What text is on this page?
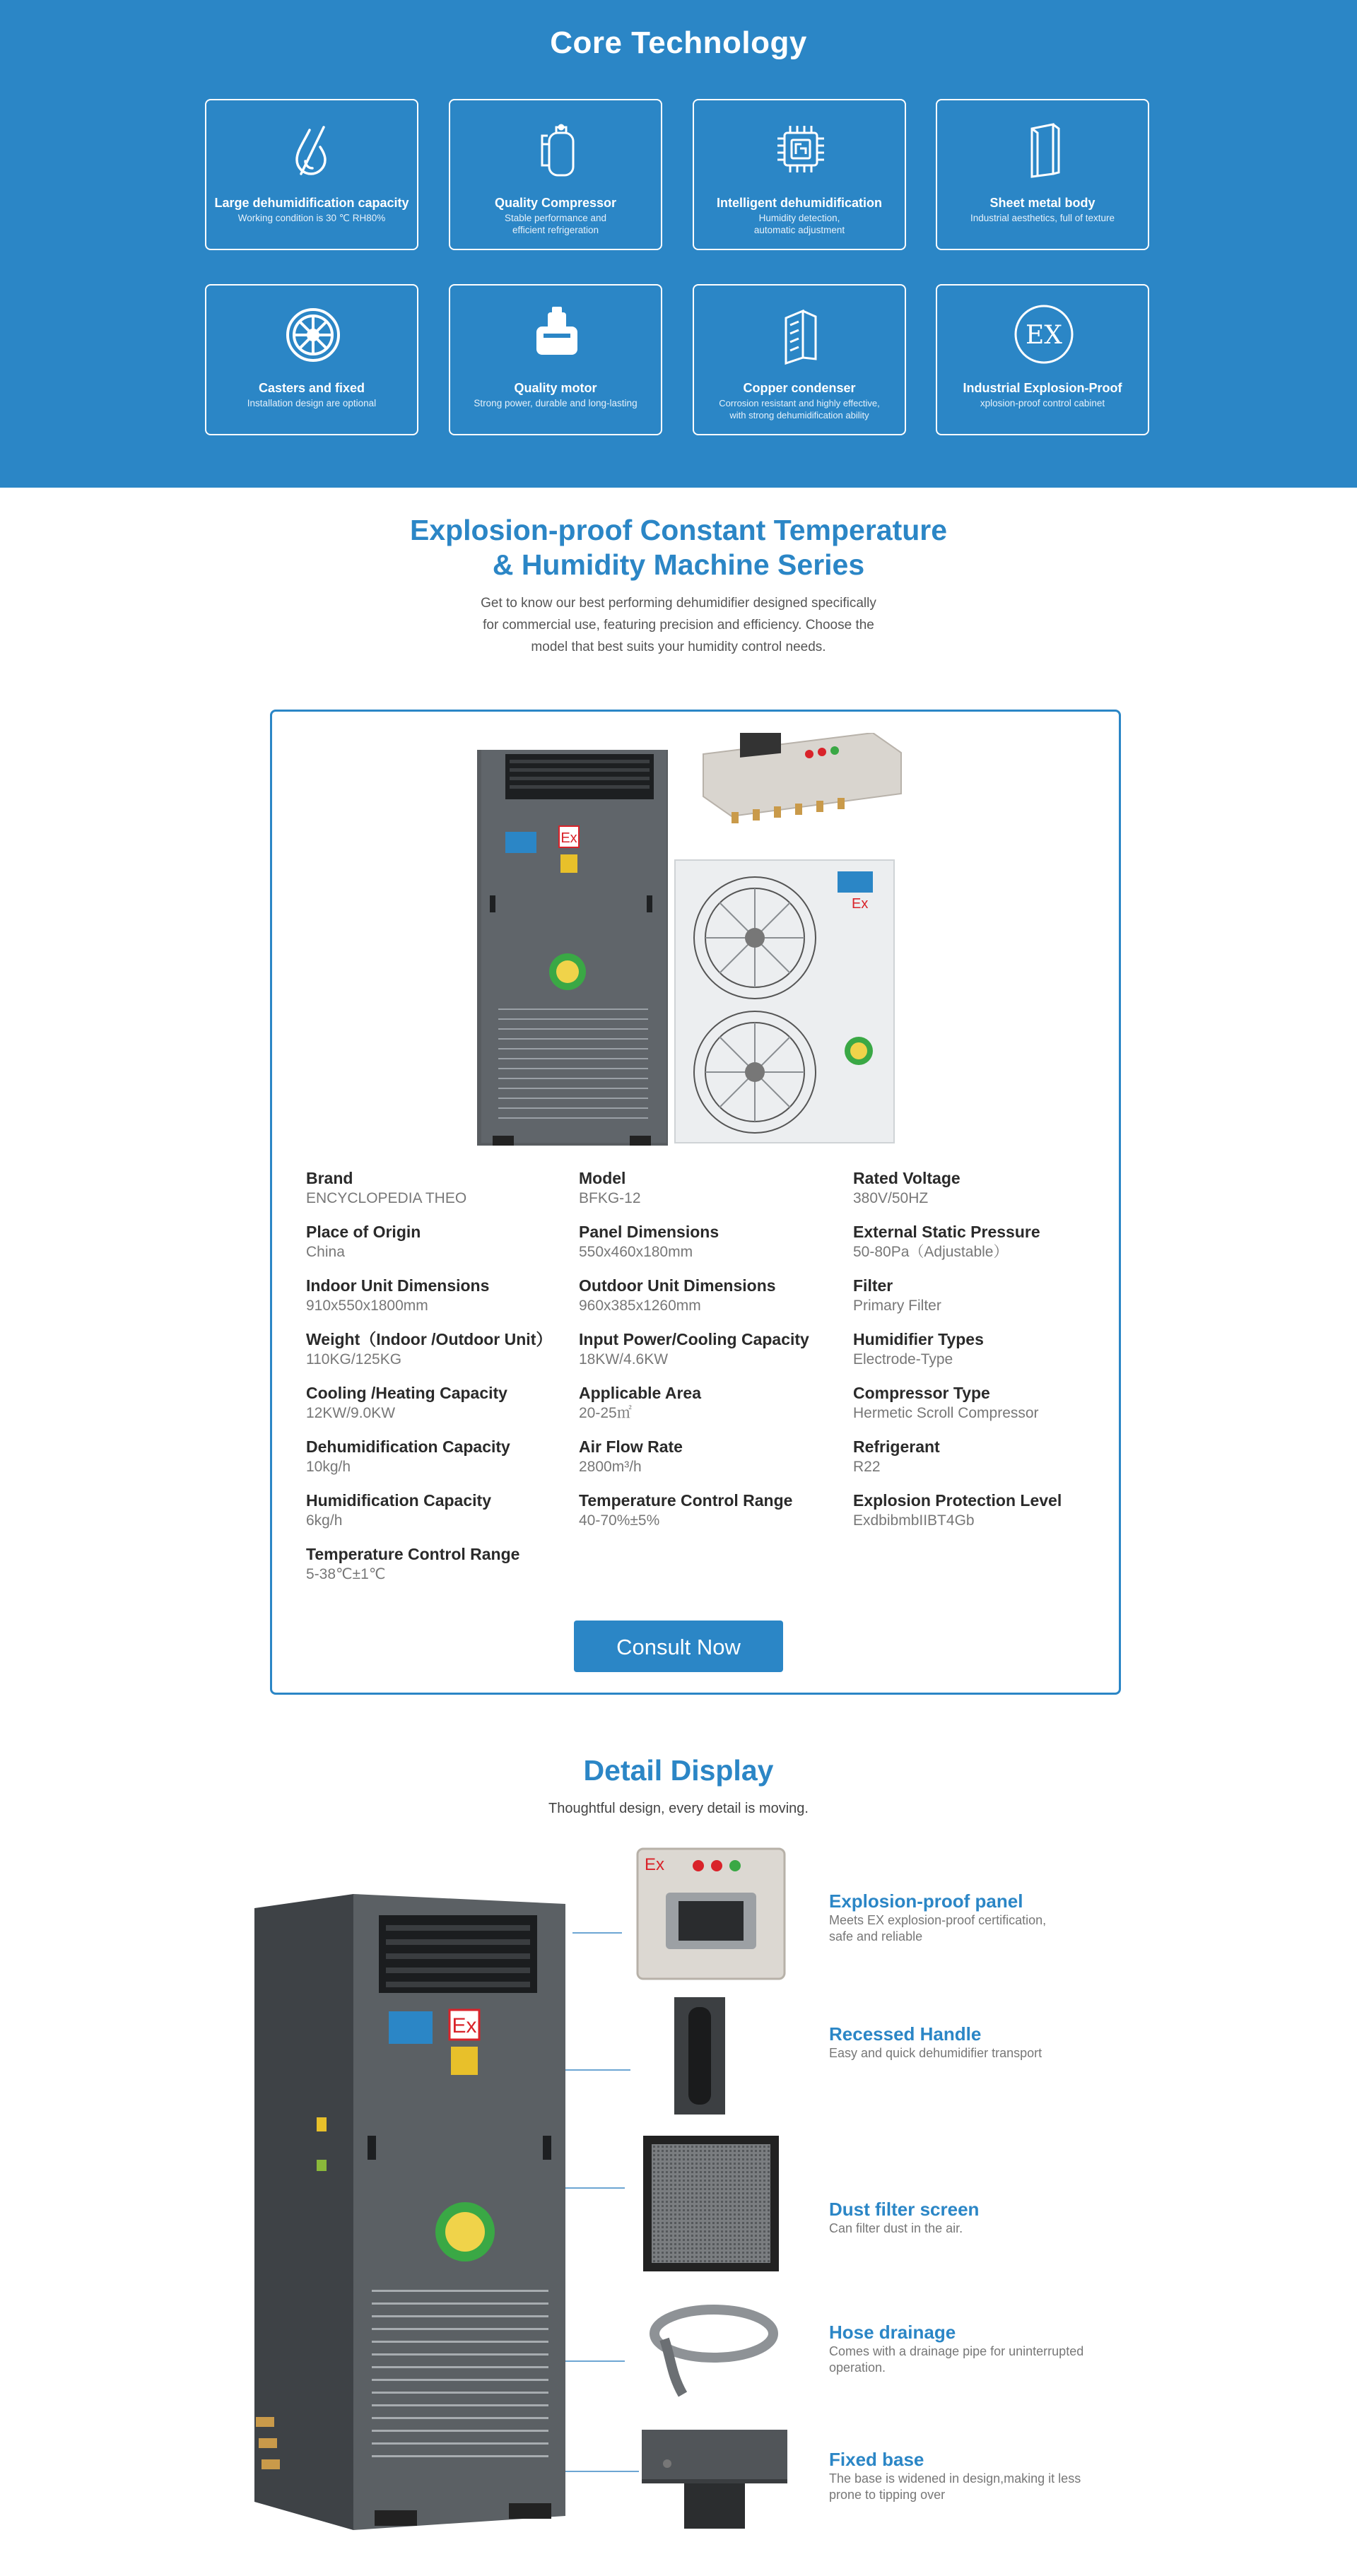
Core Technology
Large dehumidification capacity
Working condition is 30 ℃ RH80%
Quality Compressor
Stable performance and
efficient refrigeration
Intelligent dehumidification
Humidity detection,
automatic adjustment
Sheet metal body
Industrial aesthetics, full of texture
Casters and fixed
Installation design are optional
Quality motor
Strong power, durable and long-lasting
Copper condenser
Corrosion resistant and highly effective,
with strong dehumidification ability
EX
Industrial Explosion-Proof
xplosion-proof control cabinet
Explosion-proof Constant Temperature
& Humidity Machine Series

Get to know our best performing dehumidifier designed specifically
for commercial use, featuring precision and efficiency. Choose the
model that best suits your humidity control needs.

Ex
Ex
Brand
ENCYCLOPEDIA THEO
Model
BFKG-12
Rated Voltage
380V/50HZ
Place of Origin
China
Panel Dimensions
550x460x180mm
External Static Pressure
50-80Pa（Adjustable）
Indoor Unit Dimensions
910x550x1800mm
Outdoor Unit Dimensions
960x385x1260mm
Filter
Primary Filter
Weight（Indoor /Outdoor Unit）
110KG/125KG
Input Power/Cooling Capacity
18KW/4.6KW
Humidifier Types
Electrode-Type
Cooling /Heating Capacity
12KW/9.0KW
Applicable Area
20-25㎡
Compressor Type
Hermetic Scroll Compressor
Dehumidification Capacity
10kg/h
Air Flow Rate
2800m³/h
Refrigerant
R22
Humidification Capacity
6kg/h
Temperature Control Range
40-70%±5%
Explosion Protection Level
ExdbibmbIIBT4Gb
Temperature Control Range
5-38℃±1℃
Consult Now
Detail Display
Thoughtful design, every detail is moving.
Ex
Ex
Explosion-proof panel
Meets EX explosion-proof certification,
safe and reliable
Recessed Handle
Easy and quick dehumidifier transport
Dust filter screen
Can filter dust in the air.
Hose drainage
Comes with a drainage pipe for uninterrupted
operation.
Fixed base
The base is widened in design,making it less
prone to tipping over
